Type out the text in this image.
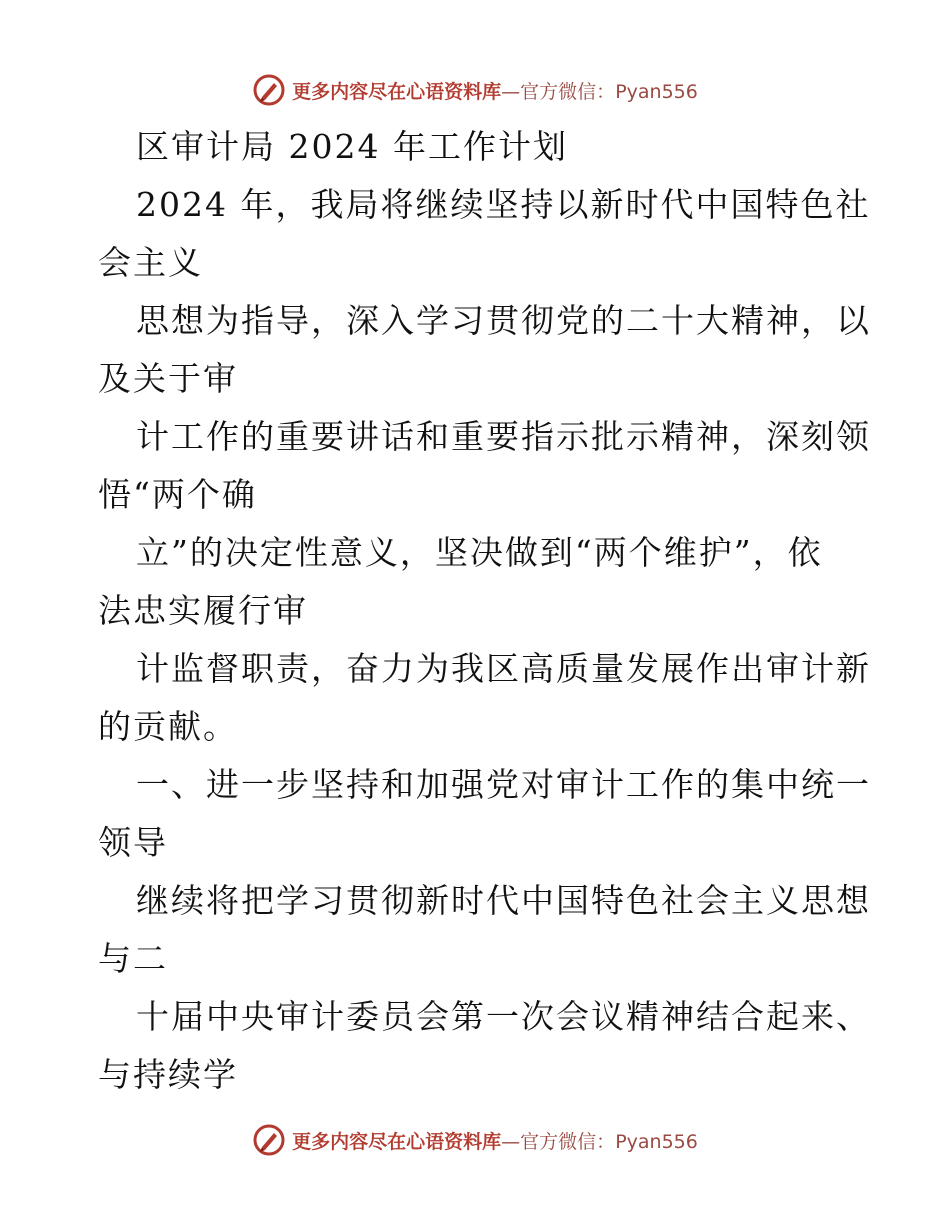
更多内容尽在心语资料库—官方微信：Pyan556
区审计局 2024 年工作计划
2024 年，我局将继续坚持以新时代中国特色社
会主义
思想为指导，深入学习贯彻党的二十大精神，以
及关于审
计工作的重要讲话和重要指示批示精神，深刻领
悟“两个确
立”的决定性意义，坚决做到“两个维护”，依
法忠实履行审
计监督职责，奋力为我区高质量发展作出审计新
的贡献。
一、进一步坚持和加强党对审计工作的集中统一
领导
继续将把学习贯彻新时代中国特色社会主义思想
与二
十届中央审计委员会第一次会议精神结合起来、
与持续学
更多内容尽在心语资料库—官方微信：Pyan556
